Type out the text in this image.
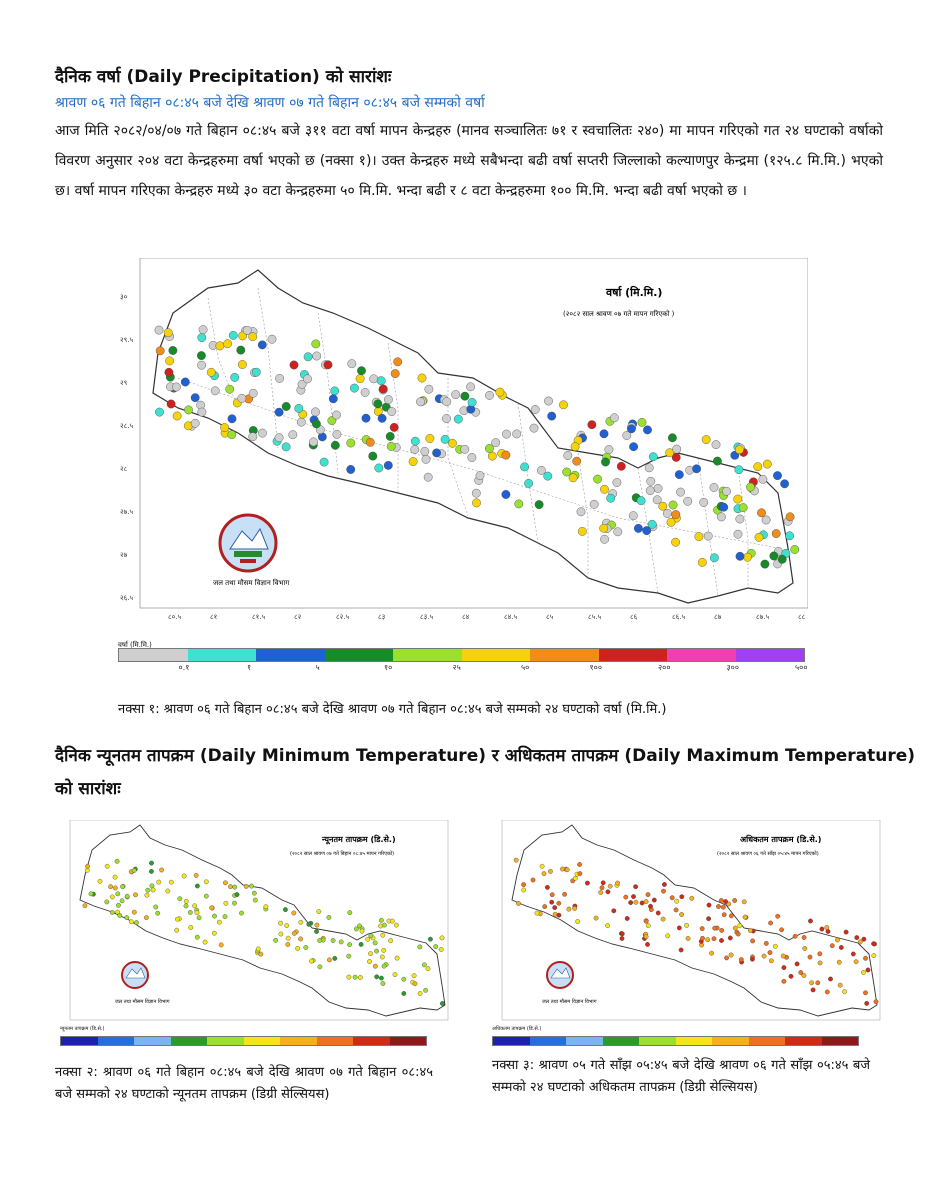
दैनिक वर्षा (Daily Precipitation) को सारांशः
श्रावण ०६ गते बिहान ०८:४५ बजे देखि श्रावण ०७ गते बिहान ०८:४५ बजे सम्मको वर्षा
आज मिति २०८२/०४/०७ गते बिहान ०८:४५ बजे ३११ वटा वर्षा मापन केन्द्रहरु (मानव सञ्चालितः ७१ र स्वचालितः २४०) मा मापन गरिएको गत २४ घण्टाको वर्षाको विवरण अनुसार २०४ वटा केन्द्रहरुमा वर्षा भएको छ (नक्सा १)। उक्त केन्द्रहरु मध्ये सबैभन्दा बढी वर्षा सप्तरी जिल्लाको कल्याणपुर केन्द्रमा (१२५.८ मि.मि.) भएको छ। वर्षा मापन गरिएका केन्द्रहरु मध्ये ३० वटा केन्द्रहरुमा ५० मि.मि. भन्दा बढी र ८ वटा केन्द्रहरुमा १०० मि.मि. भन्दा बढी वर्षा भएको छ ।
वर्षा (मि.मि.)
(२०८२ साल श्रावण ०७ गते मापन गरिएको )
जल तथा मौसम विज्ञान विभाग
३०
२९.५
२९
२८.५
२८
२७.५
२७
२६.५
८०.५	८१	८१.५	८२	८२.५	८३	८३.५	८४	८४.५	८५	८५.५	८६	८६.५	८७	८७.५	८८
वर्षा (मि.मि.)
०.१	१	५	१०	२५	५०	१००	२००	३००	५००
नक्सा १: श्रावण ०६ गते बिहान ०८:४५ बजे देखि श्रावण ०७ गते बिहान ०८:४५ बजे सम्मको २४ घण्टाको वर्षा (मि.मि.)
दैनिक न्यूनतम तापक्रम (Daily Minimum Temperature) र अधिकतम तापक्रम (Daily Maximum Temperature)
को सारांशः
न्यूनतम तापक्रम (डि.से.)
(२०८२ साल श्रावण ०७ गते बिहान ०८:४५ मापन गरिएको)
जल तथा मौसम विज्ञान विभाग
न्यूनतम तापक्रम (डि.से.)
अधिकतम तापक्रम (डि.से.)
(२०८२ साल श्रावण ०६ गते साँझ ०५:४५ मापन गरिएको)
जल तथा मौसम विज्ञान विभाग
अधिकतम तापक्रम (डि.से.)
नक्सा २: श्रावण ०६ गते बिहान ०८:४५ बजे देखि श्रावण ०७ गते बिहान ०८:४५ बजे सम्मको २४ घण्टाको न्यूनतम तापक्रम (डिग्री सेल्सियस)
नक्सा ३: श्रावण ०५ गते साँझ ०५:४५ बजे देखि श्रावण ०६ गते साँझ ०५:४५ बजे सम्मको २४ घण्टाको अधिकतम तापक्रम (डिग्री सेल्सियस)
